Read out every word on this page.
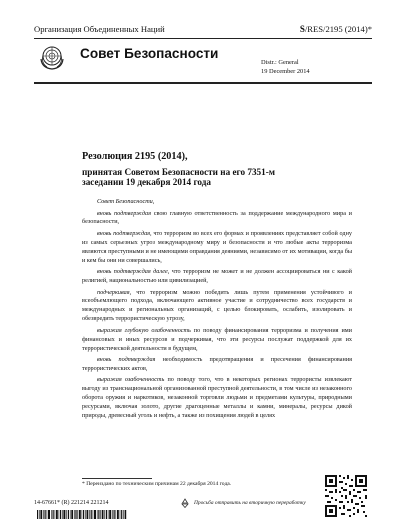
Организация Объединенных Наций	S/RES/2195 (2014)*
Совет Безопасности
Distr.: General
19 December 2014
Резолюция 2195 (2014),
принятая Советом Безопасности на его 7351-м заседании 19 декабря 2014 года

Совет Безопасности,

вновь подтверждая свою главную ответственность за поддержание международного мира и безопасности,

вновь подтверждая, что терроризм во всех его формах и проявлениях представляет собой одну из самых серьезных угроз международному миру и безопасности и что любые акты терроризма являются преступными и не имеющими оправдания деяниями, независимо от их мотивации, когда бы и кем бы они ни совершались,

вновь подтверждая далее, что терроризм не может и не должен ассоциироваться ни с какой религией, национальностью или цивилизацией,

подчеркивая, что терроризм можно победить лишь путем применения устойчивого и всеобъемлющего подхода, включающего активное участие и сотрудничество всех государств и международных и региональных организаций, с целью блокировать, ослабить, изолировать и обезвредить террористическую угрозу,

выражая глубокую озабоченность по поводу финансирования терроризма и получения ими финансовых и иных ресурсов и подчеркивая, что эти ресурсы послужат поддержкой для их террористической деятельности в будущем,

вновь подтверждая необходимость предотвращения и пресечения финансирования террористических актов,

выражая озабоченность по поводу того, что в некоторых регионах террористы извлекают выгоду из транснациональной организованной преступной деятельности, в том числе из незаконного оборота оружия и наркотиков, незаконной торговли людьми и предметами культуры, природными ресурсами, включая золото, другие драгоценные металлы и камни, минералы, ресурсы дикой природы, древесный уголь и нефть, а также из похищения людей в целях

* Переиздано по техническим причинам 22 декабря 2014 года.
14-67661* (R) 221214 221214	Просьба отправить на вторичную переработку
